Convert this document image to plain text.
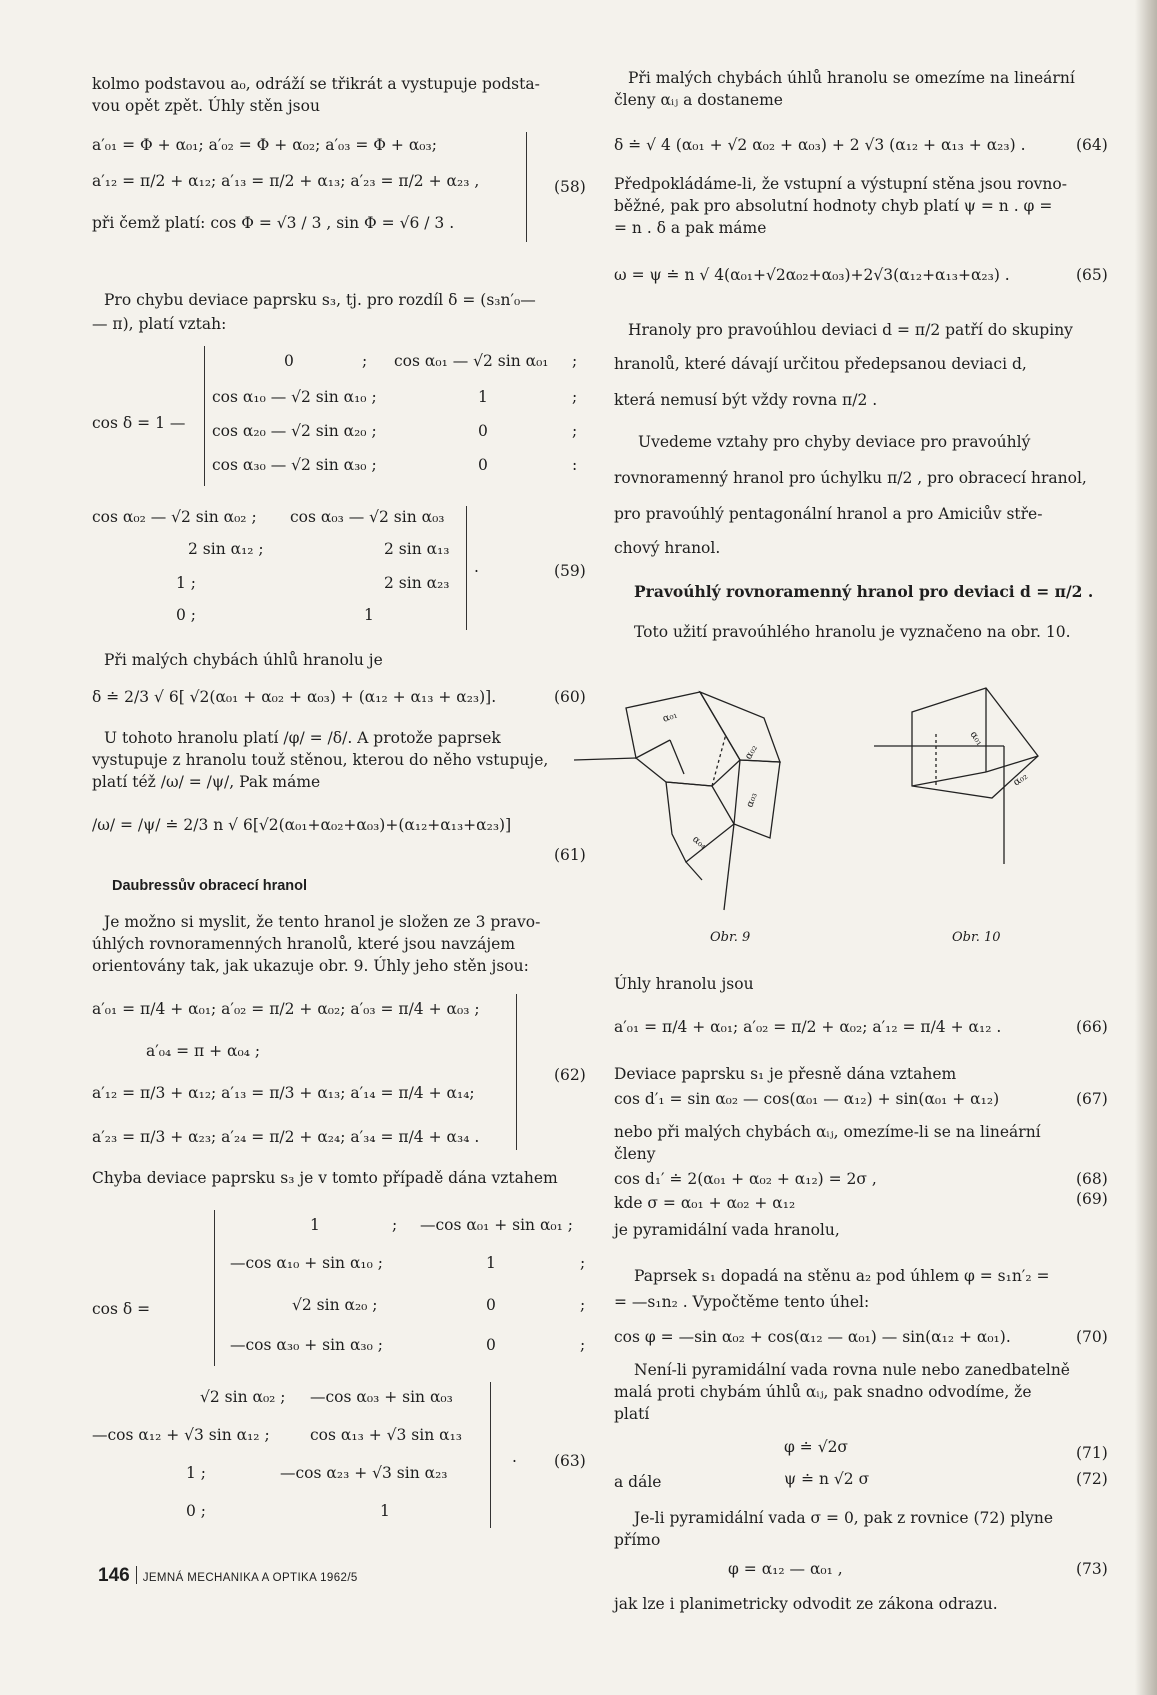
kolmo podstavou a₀, odráží se třikrát a vystupuje podsta-
vou opět zpět. Úhly stěn jsou
a′₀₁ = Φ + α₀₁; a′₀₂ = Φ + α₀₂; a′₀₃ = Φ + α₀₃;
a′₁₂ = π/2 + α₁₂; a′₁₃ = π/2 + α₁₃; a′₂₃ = π/2 + α₂₃ ,
při čemž platí: cos Φ = √3 / 3 , sin Φ = √6 / 3 .
(58)
Pro chybu deviace paprsku s₃, tj. pro rozdíl δ = (s₃n′₀—
— π), platí vztah:
cos δ = 1 —
0	; cos α₀₁ — √2 sin α₀₁ ;
cos α₁₀ — √2 sin α₁₀ ;	1	;
cos α₂₀ — √2 sin α₂₀ ;	0	;
cos α₃₀ — √2 sin α₃₀ ;	0	:
cos α₀₂ — √2 sin α₀₂ ; cos α₀₃ — √2 sin α₀₃
2 sin α₁₂ ;	2 sin α₁₃
1 ;	2 sin α₂₃
0 ;	1
.	(59)
Při malých chybách úhlů hranolu je
δ ≐ 2/3 √ 6[ √2(α₀₁ + α₀₂ + α₀₃) + (α₁₂ + α₁₃ + α₂₃)].	(60)
U tohoto hranolu platí /φ/ = /δ/. A protože paprsek
vystupuje z hranolu touž stěnou, kterou do něho vstupuje,
platí též /ω/ = /ψ/, Pak máme
/ω/ = /ψ/ ≐ 2/3 n √ 6[√2(α₀₁+α₀₂+α₀₃)+(α₁₂+α₁₃+α₂₃)]
(61)
Daubressův obracecí hranol
Je možno si myslit, že tento hranol je složen ze 3 pravo-
úhlých rovnoramenných hranolů, které jsou navzájem
orientovány tak, jak ukazuje obr. 9. Úhly jeho stěn jsou:
a′₀₁ = π/4 + α₀₁; a′₀₂ = π/2 + α₀₂; a′₀₃ = π/4 + α₀₃ ;
a′₀₄ = π + α₀₄ ;
a′₁₂ = π/3 + α₁₂; a′₁₃ = π/3 + α₁₃; a′₁₄ = π/4 + α₁₄;
a′₂₃ = π/3 + α₂₃; a′₂₄ = π/2 + α₂₄; a′₃₄ = π/4 + α₃₄ .
(62)
Chyba deviace paprsku s₃ je v tomto případě dána vztahem
cos δ =
1	; —cos α₀₁ + sin α₀₁ ;
—cos α₁₀ + sin α₁₀ ;	1	;
√2 sin α₂₀ ;	0	;
—cos α₃₀ + sin α₃₀ ;	0	;
√2 sin α₀₂ ; —cos α₀₃ + sin α₀₃
—cos α₁₂ + √3 sin α₁₂ ;	cos α₁₃ + √3 sin α₁₃
1 ;	—cos α₂₃ + √3 sin α₂₃
0 ;	1
. (63)
Při malých chybách úhlů hranolu se omezíme na lineární
členy αᵢⱼ a dostaneme
δ ≐ √ 4 (α₀₁ + √2 α₀₂ + α₀₃) + 2 √3 (α₁₂ + α₁₃ + α₂₃) .	(64)
Předpokládáme-li, že vstupní a výstupní stěna jsou rovno-
běžné, pak pro absolutní hodnoty chyb platí ψ = n . φ =
= n . δ a pak máme
ω = ψ ≐ n √ 4(α₀₁+√2α₀₂+α₀₃)+2√3(α₁₂+α₁₃+α₂₃) .	(65)
Hranoly pro pravoúhlou deviaci d = π/2 patří do skupiny
hranolů, které dávají určitou předepsanou deviaci d,
která nemusí být vždy rovna π/2 .
Uvedeme vztahy pro chyby deviace pro pravoúhlý
rovnoramenný hranol pro úchylku π/2 , pro obracecí hranol,
pro pravoúhlý pentagonální hranol a pro Amiciův stře-
chový hranol.
Pravoúhlý rovnoramenný hranol pro deviaci d = π/2 .
Toto užití pravoúhlého hranolu je vyznačeno na obr. 10.
α₀₁
α₀₂
α₀₃
α₀₄
α₀₁
α₀₂
Obr. 9	Obr. 10
Úhly hranolu jsou
a′₀₁ = π/4 + α₀₁; a′₀₂ = π/2 + α₀₂; a′₁₂ = π/4 + α₁₂ .	(66)
Deviace paprsku s₁ je přesně dána vztahem
cos d′₁ = sin α₀₂ — cos(α₀₁ — α₁₂) + sin(α₀₁ + α₁₂)	(67)
nebo při malých chybách αᵢⱼ, omezíme-li se na lineární
členy
cos d₁′ ≐ 2(α₀₁ + α₀₂ + α₁₂) = 2σ ,	(68)
kde σ = α₀₁ + α₀₂ + α₁₂	(69)
je pyramidální vada hranolu,
Paprsek s₁ dopadá na stěnu a₂ pod úhlem φ = s₁n′₂ =
= —s₁n₂ . Vypočtěme tento úhel:
cos φ = —sin α₀₂ + cos(α₁₂ — α₀₁) — sin(α₁₂ + α₀₁).	(70)
Není-li pyramidální vada rovna nule nebo zanedbatelně
malá proti chybám úhlů αᵢⱼ, pak snadno odvodíme, že
platí
φ ≐ √2σ	(71)
a dále	ψ ≐ n √2 σ	(72)
Je-li pyramidální vada σ = 0, pak z rovnice (72) plyne
přímo
φ = α₁₂ — α₀₁ ,	(73)
jak lze i planimetricky odvodit ze zákona odrazu.
146 JEMNÁ MECHANIKA A OPTIKA 1962/5
